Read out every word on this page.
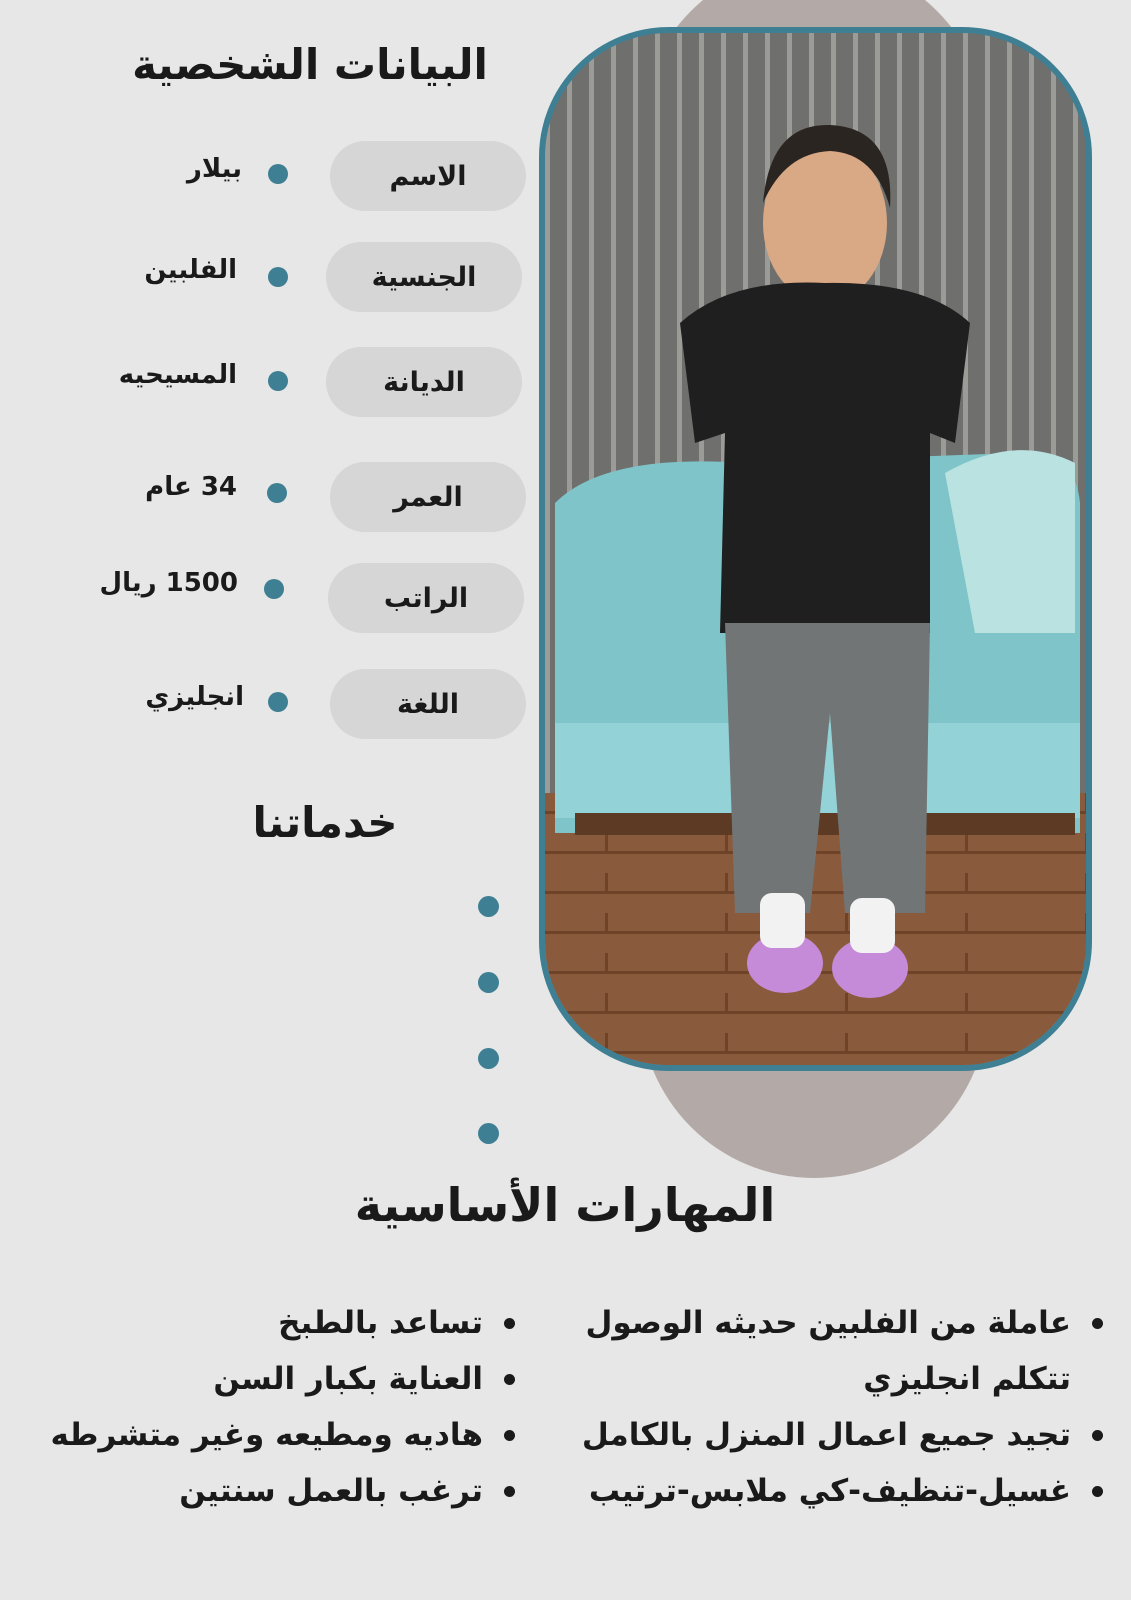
البيانات الشخصية
الاسم
بيلار
الجنسية
الفلبين
الديانة
المسيحيه
العمر
34 عام
الراتب
1500 ريال
اللغة
انجليزي
خدماتنا
المهارات الأساسية
عاملة من الفلبين حديثه الوصول
تتكلم انجليزي
تجيد جميع اعمال المنزل بالكامل
غسيل-تنظيف-كي ملابس-ترتيب
تساعد بالطبخ
العناية بكبار السن
هاديه ومطيعه وغير متشرطه
ترغب بالعمل سنتين
